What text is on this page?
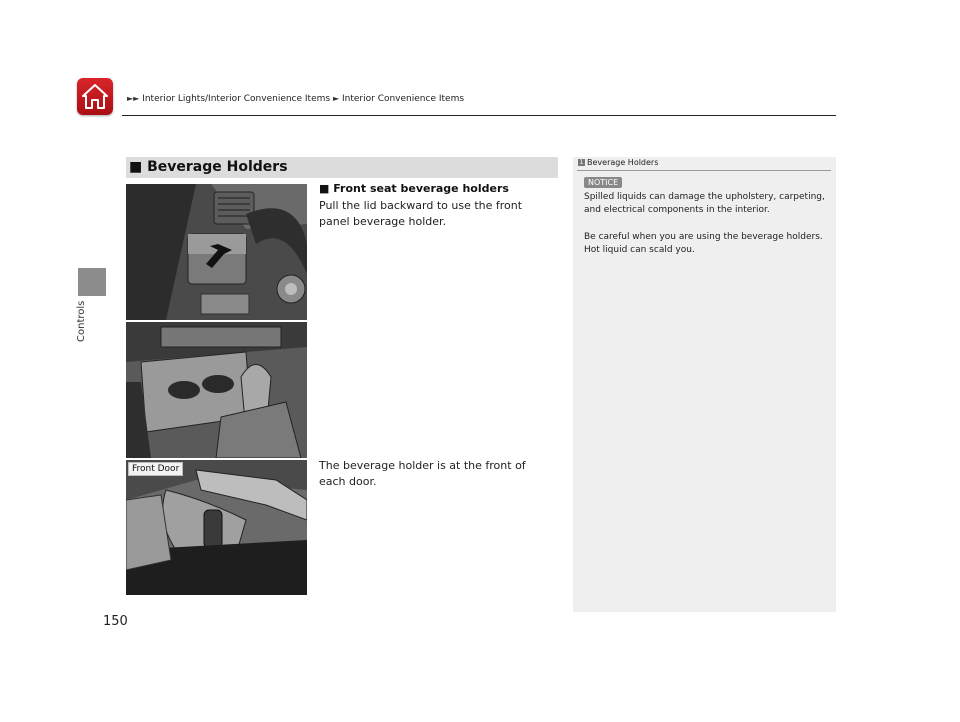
►► Interior Lights/Interior Convenience Items ► Interior Convenience Items
Controls
■ Beverage Holders
Front Door
■ Front seat beverage holders
Pull the lid backward to use the front panel beverage holder.
The beverage holder is at the front of each door.
1 Beverage Holders
NOTICE
Spilled liquids can damage the upholstery, carpeting, and electrical components in the interior.
Be careful when you are using the beverage holders. Hot liquid can scald you.
150
